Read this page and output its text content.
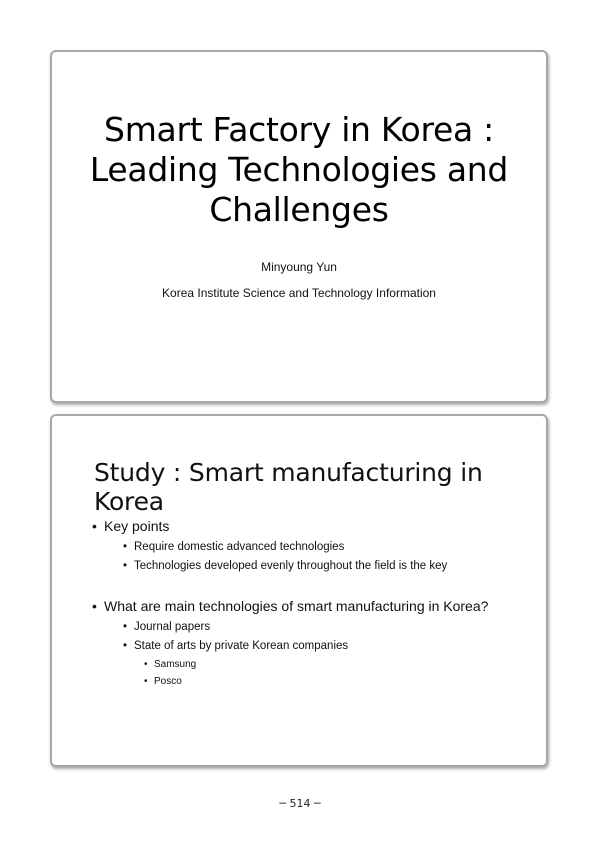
Smart Factory in Korea :
Leading Technologies and
Challenges
Minyoung Yun
Korea Institute Science and Technology Information
Study : Smart manufacturing in Korea
• Key points
• Require domestic advanced technologies
• Technologies developed evenly throughout the field is the key
• What are main technologies of smart manufacturing in Korea?
• Journal papers
• State of arts by private Korean companies
• Samsung
• Posco
─ 514 ─
